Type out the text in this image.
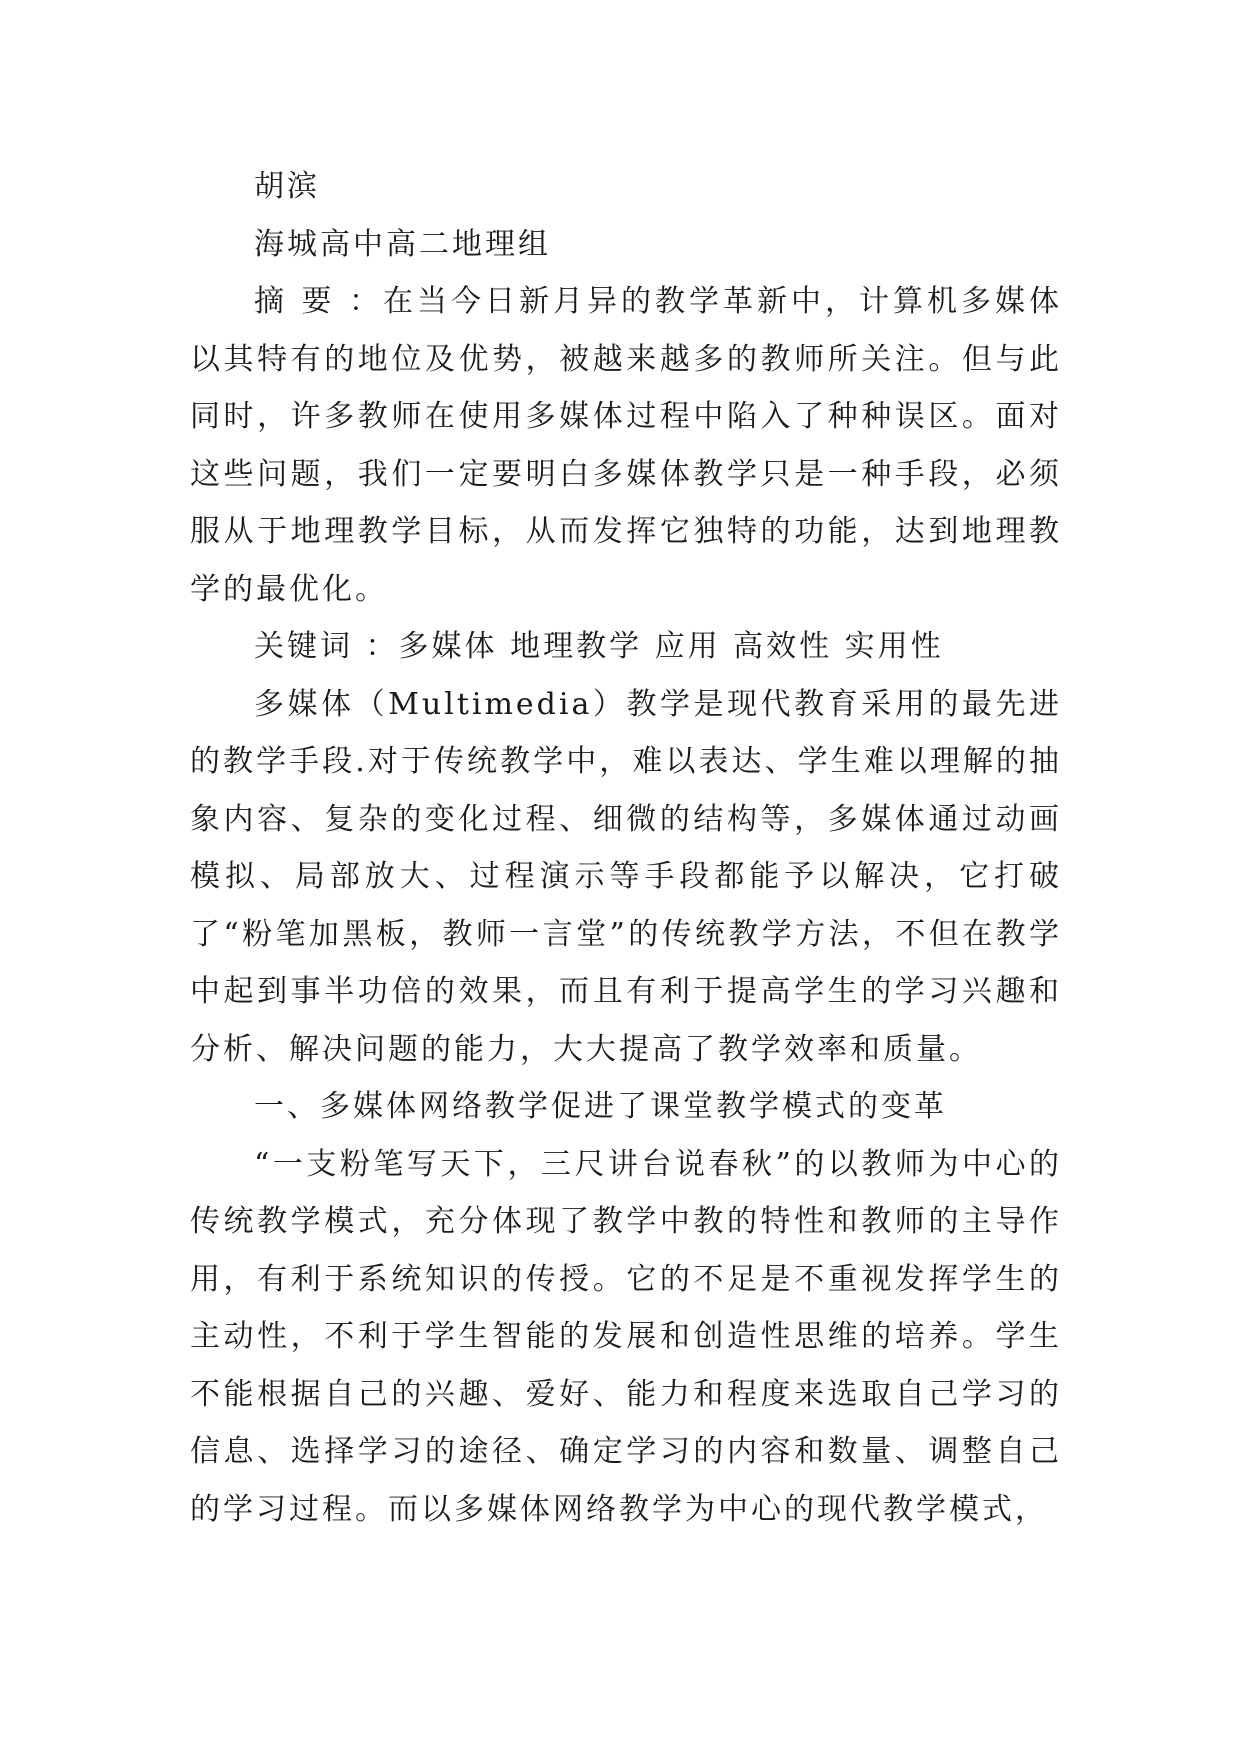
胡滨

海城高中高二地理组

摘 要 ：在当今日新月异的教学革新中，计算机多媒体以其特有的地位及优势，被越来越多的教师所关注。但与此同时，许多教师在使用多媒体过程中陷入了种种误区。面对这些问题，我们一定要明白多媒体教学只是一种手段，必须服从于地理教学目标，从而发挥它独特的功能，达到地理教学的最优化。

关键词 ：多媒体 地理教学 应用 高效性 实用性

多媒体（Multimedia）教学是现代教育采用的最先进的教学手段.对于传统教学中，难以表达、学生难以理解的抽象内容、复杂的变化过程、细微的结构等，多媒体通过动画模拟、局部放大、过程演示等手段都能予以解决，它打破了“粉笔加黑板，教师一言堂”的传统教学方法，不但在教学中起到事半功倍的效果，而且有利于提高学生的学习兴趣和分析、解决问题的能力，大大提高了教学效率和质量。

一、多媒体网络教学促进了课堂教学模式的变革

“一支粉笔写天下，三尺讲台说春秋”的以教师为中心的传统教学模式，充分体现了教学中教的特性和教师的主导作用，有利于系统知识的传授。它的不足是不重视发挥学生的主动性，不利于学生智能的发展和创造性思维的培养。学生不能根据自己的兴趣、爱好、能力和程度来选取自己学习的信息、选择学习的途径、确定学习的内容和数量、调整自己的学习过程。而以多媒体网络教学为中心的现代教学模式，
